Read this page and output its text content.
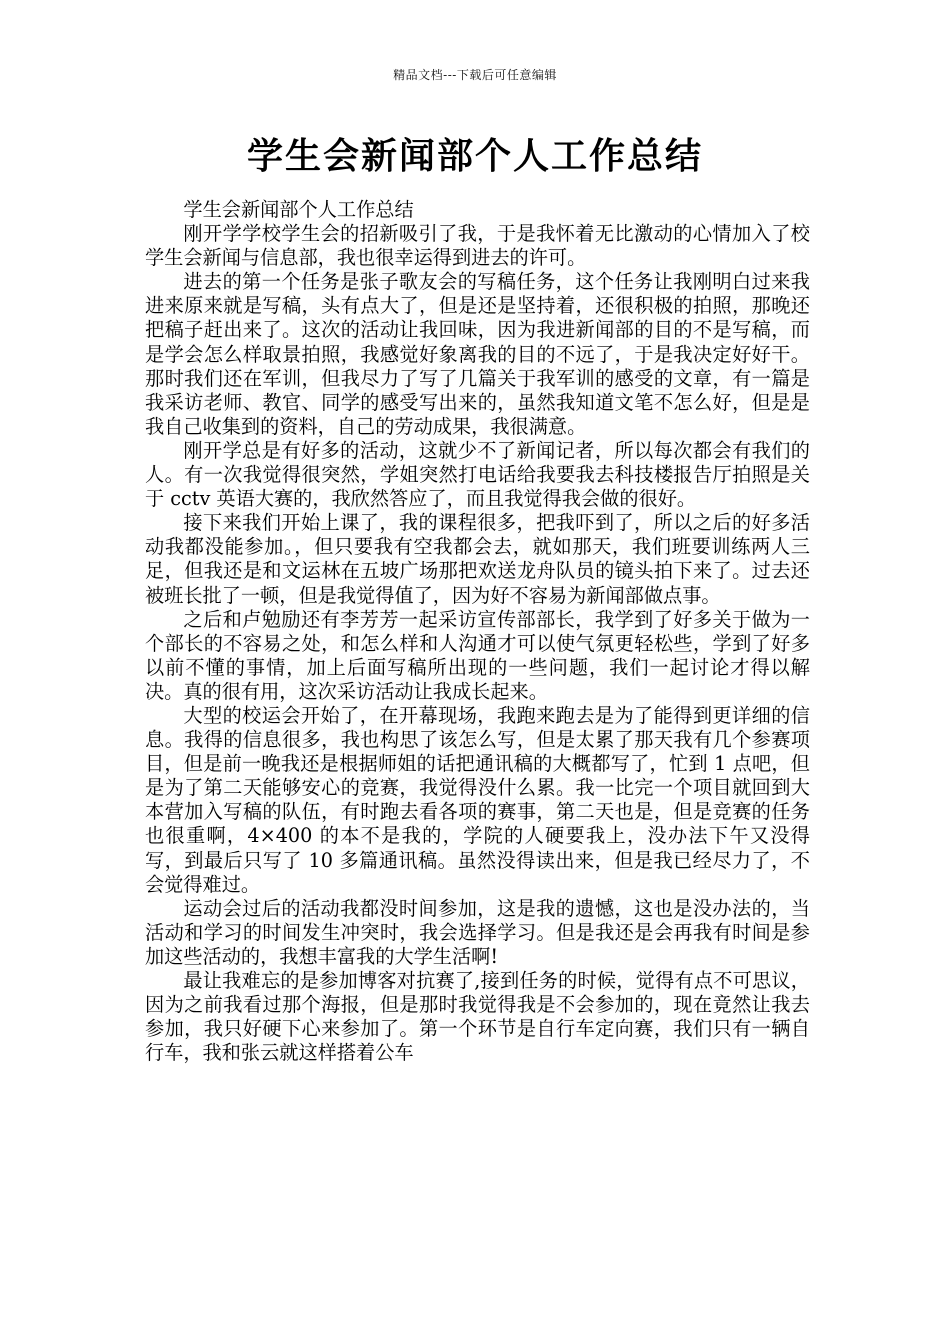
精品文档---下载后可任意编辑
学生会新闻部个人工作总结

学生会新闻部个人工作总结

刚开学学校学生会的招新吸引了我，于是我怀着无比激动的心情加入了校学生会新闻与信息部，我也很幸运得到进去的许可。

进去的第一个任务是张子歌友会的写稿任务，这个任务让我刚明白过来我进来原来就是写稿，头有点大了，但是还是坚持着，还很积极的拍照，那晚还把稿子赶出来了。这次的活动让我回味，因为我进新闻部的目的不是写稿，而是学会怎么样取景拍照，我感觉好象离我的目的不远了，于是我决定好好干。那时我们还在军训，但我尽力了写了几篇关于我军训的感受的文章，有一篇是我采访老师、教官、同学的感受写出来的，虽然我知道文笔不怎么好，但是是我自己收集到的资料，自己的劳动成果，我很满意。

刚开学总是有好多的活动，这就少不了新闻记者，所以每次都会有我们的人。有一次我觉得很突然，学姐突然打电话给我要我去科技楼报告厅拍照是关于 cctv 英语大赛的，我欣然答应了，而且我觉得我会做的很好。

接下来我们开始上课了，我的课程很多，把我吓到了，所以之后的好多活动我都没能参加。，但只要我有空我都会去，就如那天，我们班要训练两人三足，但我还是和文运林在五坡广场那把欢送龙舟队员的镜头拍下来了。过去还被班长批了一顿，但是我觉得值了，因为好不容易为新闻部做点事。

之后和卢勉励还有李芳芳一起采访宣传部部长，我学到了好多关于做为一个部长的不容易之处，和怎么样和人沟通才可以使气氛更轻松些，学到了好多以前不懂的事情，加上后面写稿所出现的一些问题，我们一起讨论才得以解决。真的很有用，这次采访活动让我成长起来。

大型的校运会开始了，在开幕现场，我跑来跑去是为了能得到更详细的信息。我得的信息很多，我也构思了该怎么写，但是太累了那天我有几个参赛项目，但是前一晚我还是根据师姐的话把通讯稿的大概都写了，忙到 1 点吧，但是为了第二天能够安心的竞赛，我觉得没什么累。我一比完一个项目就回到大本营加入写稿的队伍，有时跑去看各项的赛事，第二天也是，但是竞赛的任务也很重啊，4×400 的本不是我的，学院的人硬要我上，没办法下午又没得写，到最后只写了 10 多篇通讯稿。虽然没得读出来，但是我已经尽力了，不会觉得难过。

运动会过后的活动我都没时间参加，这是我的遗憾，这也是没办法的，当活动和学习的时间发生冲突时，我会选择学习。但是我还是会再我有时间是参加这些活动的，我想丰富我的大学生活啊!

最让我难忘的是参加博客对抗赛了,接到任务的时候，觉得有点不可思议，因为之前我看过那个海报，但是那时我觉得我是不会参加的，现在竟然让我去参加，我只好硬下心来参加了。第一个环节是自行车定向赛，我们只有一辆自行车，我和张云就这样搭着公车
